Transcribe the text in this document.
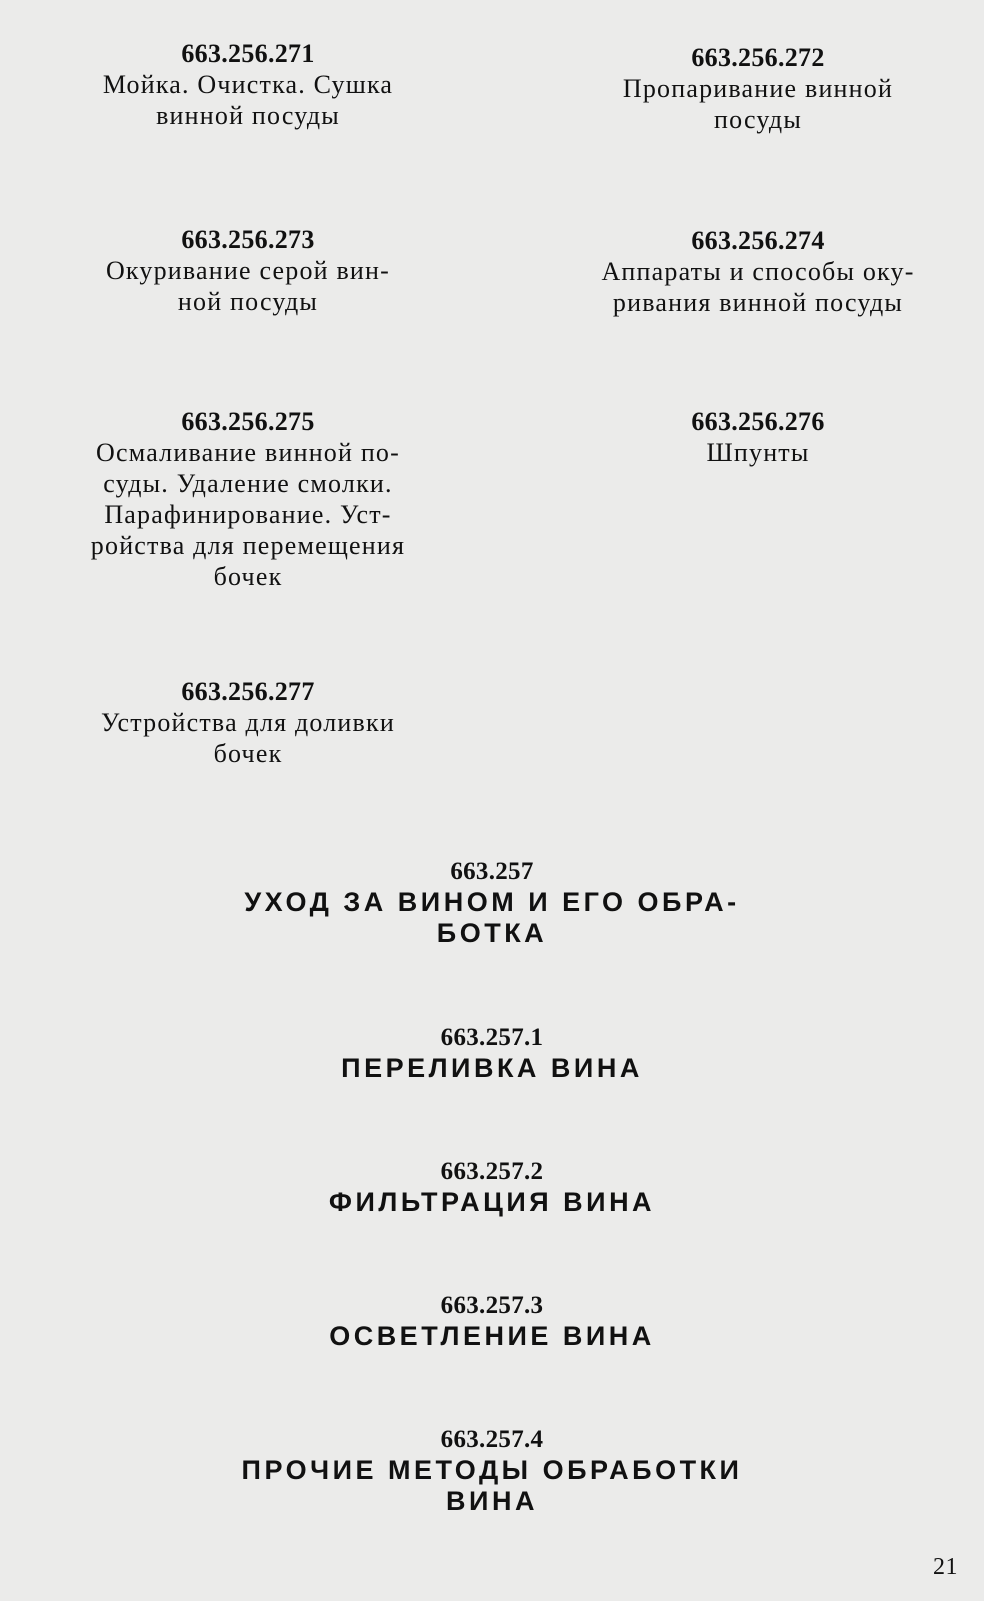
663.256.271
Мойка. Очистка. Сушка
винной посуды
663.256.272
Пропаривание винной
посуды
663.256.273
Окуривание серой вин-
ной посуды
663.256.274
Аппараты и способы оку-
ривания винной посуды
663.256.275
Осмаливание винной по-
суды. Удаление смолки.
Парафинирование. Уст-
ройства для перемещения
бочек
663.256.276
Шпунты
663.256.277
Устройства для доливки
бочек
663.257
УХОД ЗА ВИНОМ И ЕГО ОБРА-
БОТКА
663.257.1
ПЕРЕЛИВКА ВИНА
663.257.2
ФИЛЬТРАЦИЯ ВИНА
663.257.3
ОСВЕТЛЕНИЕ ВИНА
663.257.4
ПРОЧИЕ МЕТОДЫ ОБРАБОТКИ
ВИНА
21
